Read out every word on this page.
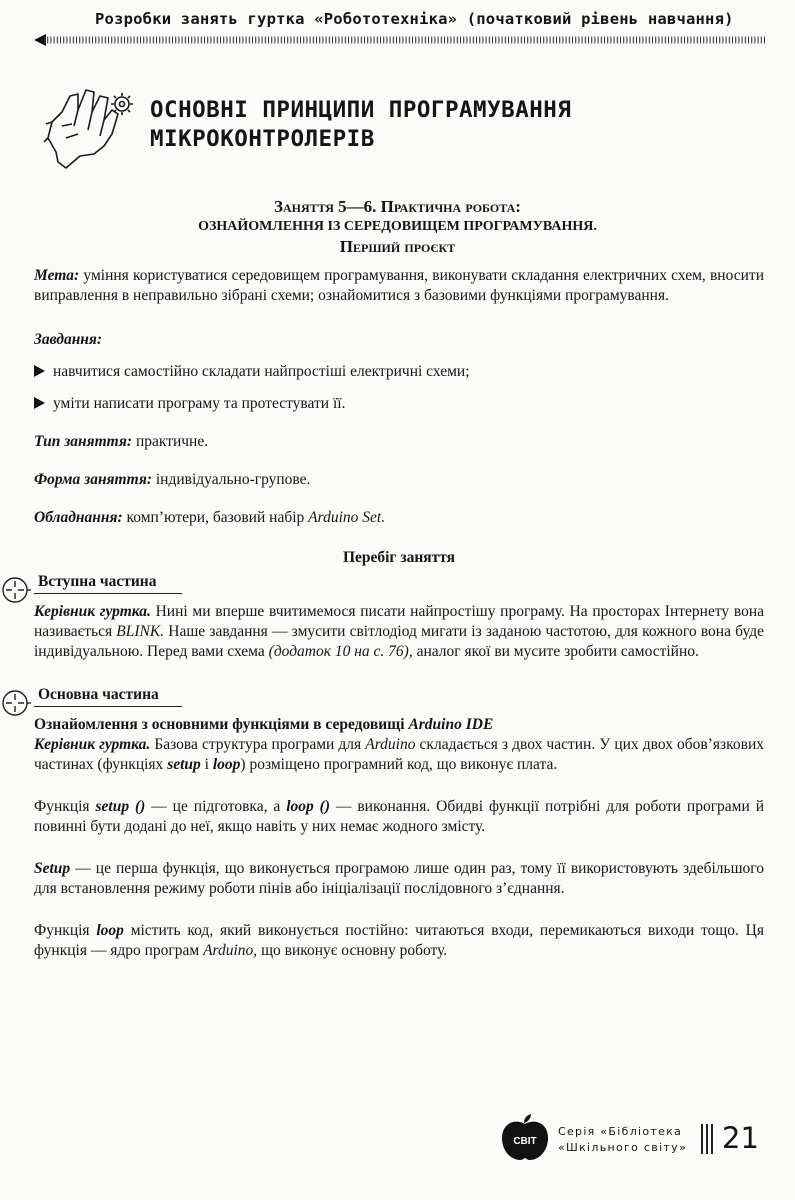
Розробки занять гуртка «Робототехніка» (початковий рівень навчання)
ОСНОВНІ ПРИНЦИПИ ПРОГРАМУВАННЯ
МІКРОКОНТРОЛЕРІВ
Заняття 5—6. Практична робота:
ОЗНАЙОМЛЕННЯ ІЗ СЕРЕДОВИЩЕМ ПРОГРАМУВАННЯ.
Перший проєкт

Мета: уміння користуватися середовищем програмування, виконувати складання електричних схем, вносити виправлення в неправильно зібрані схеми; ознайомитися з базовими функціями програмування.

Завдання:

навчитися самостійно складати найпростіші електричні схеми;

уміти написати програму та протестувати її.

Тип заняття: практичне.

Форма заняття: індивідуально-групове.

Обладнання: комп’ютери, базовий набір Arduino Set.

Перебіг заняття

Вступна частина

Керівник гуртка. Нині ми вперше вчитимемося писати найпростішу програму. На просторах Інтернету вона називається BLINK. Наше завдання — змусити світлодіод мигати із заданою частотою, для кожного вона буде індивідуальною. Перед вами схема (додаток 10 на с. 76), аналог якої ви мусите зробити самостійно.

Основна частина

Ознайомлення з основними функціями в середовищі Arduino IDE

Керівник гуртка. Базова структура програми для Arduino складається з двох частин. У цих двох обов’язкових частинах (функціях setup і loop) розміщено програмний код, що виконує плата.

Функція setup () — це підготовка, а loop () — виконання. Обидві функції потрібні для роботи програми й повинні бути додані до неї, якщо навіть у них немає жодного змісту.

Setup — це перша функція, що виконується програмою лише один раз, тому її використовують здебільшого для встановлення режиму роботи пінів або ініціалізації послідовного з’єднання.

Функція loop містить код, який виконується постійно: читаються входи, перемикаються виходи тощо. Ця функція — ядро програм Arduino, що виконує основну роботу.

СВІТ
Серія «Бібліотека
«Шкільного світу» 21
